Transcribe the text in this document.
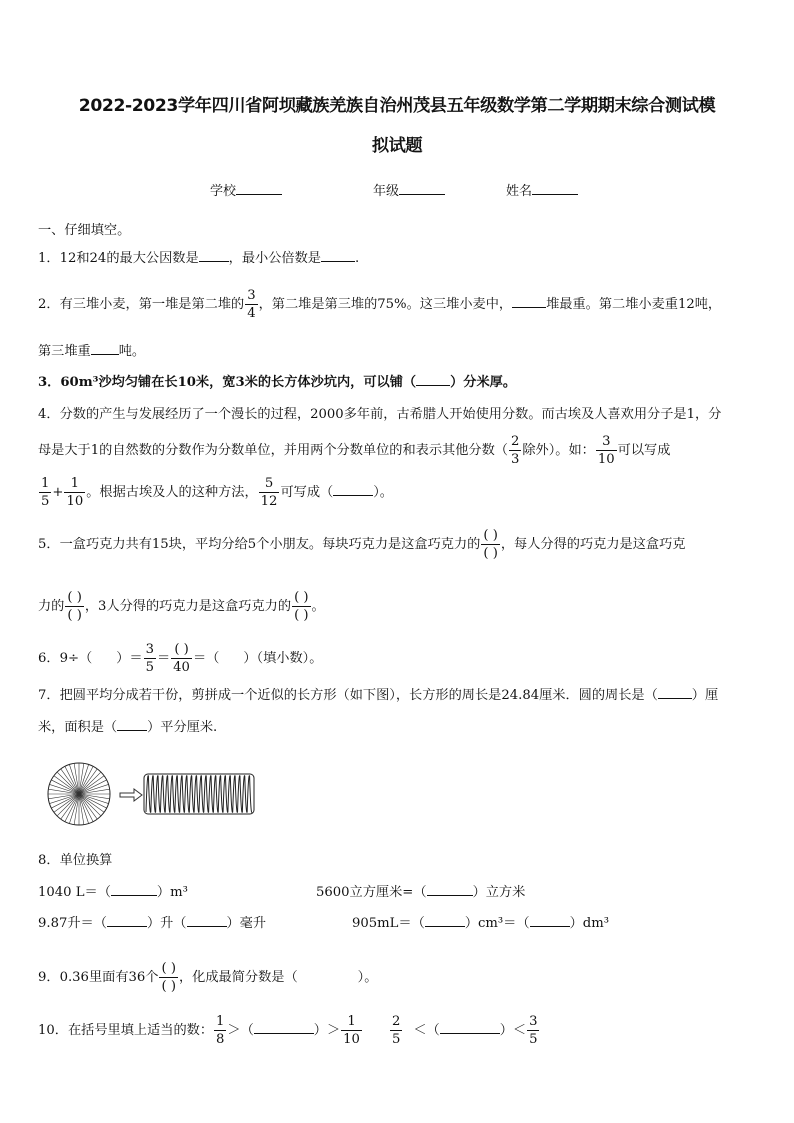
2022-2023学年四川省阿坝藏族羌族自治州茂县五年级数学第二学期期末综合测试模
拟试题
学校	年级	姓名
一、仔细填空。
1．12和24的最大公因数是 ，最小公倍数是	.
2．有三堆小麦，第一堆是第二堆的 $\frac{3}{4}$ ，第二堆是第三堆的75%。这三堆小麦中，	堆最重。第二堆小麦重12吨，
第三堆重 吨。
3．60m³沙均匀铺在长10米，宽3米的长方体沙坑内，可以铺（	）分米厚。
4．分数的产生与发展经历了一个漫长的过程，2000多年前，古希腊人开始使用分数。而古埃及人喜欢用分子是1，分
母是大于1的自然数的分数作为分数单位，并用两个分数单位的和表示其他分数（ $\frac{2}{3}$ 除外）。如： $\frac{3}{10}$ 可以写成
$\frac{1}{5} + \frac{1}{10}$ 。根据古埃及人的这种方法， $\frac{5}{12}$ 可写成（	）。
5．一盒巧克力共有15块，平均分给5个小朋友。每块巧克力是这盒巧克力的 $\frac{( )}{( )}$ ，每人分得的巧克力是这盒巧克
力的 $\frac{( )}{( )}$ ，3人分得的巧克力是这盒巧克力的 $\frac{( )}{( )}$ 。
6．9÷（ ）＝ $\frac{3}{5} = \frac{( )}{40}$ ＝（ ）（填小数）。
7．把圆平均分成若干份，剪拼成一个近似的长方形（如下图），长方形的周长是24.84厘米．圆的周长是（	）厘
米，面积是（ ）平分厘米.
8．单位换算
1040 L＝（	）m³	5600立方厘米=（	）立方米
9.87升＝（	）升（	）毫升	905mL＝（	）cm³＝（	）dm³
9．0.36里面有36个 $\frac{( )}{( )}$ ，化成最简分数是（	）。
10．在括号里填上适当的数： $\frac{1}{8}$ ＞（	）＞ $\frac{1}{10} \frac{2}{5}$ ＜（	）＜ $\frac{3}{5}$
